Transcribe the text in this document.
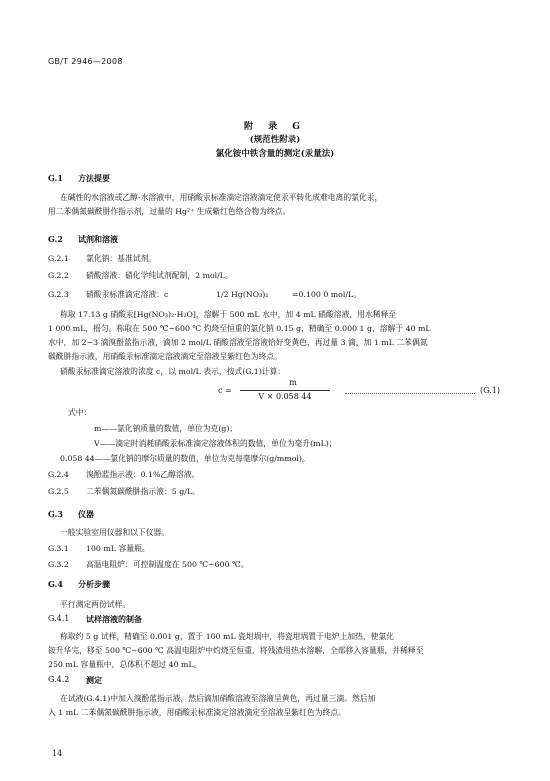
GB/T 2946—2008
附 录 G
(规范性附录)
氯化铵中铁含量的测定(汞量法)
G.1 方法提要
在碱性的水溶液或乙醇-水溶液中，用硝酸汞标准滴定溶液滴定使汞平转化成难电离的氯化汞，
用二苯偶氮碳酰肼作指示剂，过量的 Hg²⁺ 生成紫红色络合物为终点。
G.2 试剂和溶液
G.2.1 氯化钠：基准试剂。
G.2.2 硝酸溶液：硝化学纯试剂配制，2 mol/L。
G.2.3 硝酸汞标准滴定溶液：c	1/2 Hg(NO₃)₂	=0.100 0 mol/L。
称取 17.13 g 硝酸汞[Hg(NO₃)₂·H₂O]，溶解于 500 mL 水中，加 4 mL 硝酸溶液，用水稀释至
1 000 mL，摇匀。称取在 500 ℃~600 ℃ 灼烧至恒重的氯化钠 0.15 g，精确至 0.000 1 g，溶解于 40 mL
水中，加 2~3 滴溴酚蓝指示液，滴加 2 mol/L 硝酸溶液至溶液恰好变黄色，再过量 3 滴，加 1 mL 二苯偶氮
碳酰肼指示液，用硝酸汞标准滴定溶液滴定至溶液呈紫红色为终点。
硝酸汞标准滴定溶液的浓度 c，以 mol/L 表示，按式(G.1)计算：
c =
m
V × 0.058 44
(G.1)
式中：
m——氯化钠质量的数值，单位为克(g)；
V——滴定时消耗硝酸汞标准滴定溶液体积的数值，单位为毫升(mL)；
0.058 44——氯化钠的摩尔质量的数值，单位为克每毫摩尔(g/mmol)。
G.2.4 溴酚蓝指示液：0.1%乙醇溶液。
G.2.5 二苯偶氮碳酰肼指示液：5 g/L。
G.3 仪器
一般实验室用仪器和以下仪器。
G.3.1 100 mL 容量瓶。
G.3.2 高温电阻炉：可控制温度在 500 ℃~600 ℃。
G.4 分析步骤
平行测定两份试样。
G.4.1 试样溶液的制备
称取约 5 g 试样，精确至 0.001 g，置于 100 mL 瓷坩埚中，将瓷坩埚置于电炉上加热，使氯化
铵升华完，移至 500 ℃~600 ℃ 高温电阻炉中灼烧至恒重，将残渣用热水溶解，全部移入容量瓶，并稀释至
250 mL 容量瓶中，总体积不超过 40 mL。
G.4.2 测定
在试液(G.4.1)中加入溴酚蓝指示液，然后滴加硝酸溶液至溶液呈黄色，再过量三滴。然后加
入 1 mL 二苯偶氮碳酰肼指示液，用硝酸汞标准滴定溶液滴定至溶液呈紫红色为终点。
14
